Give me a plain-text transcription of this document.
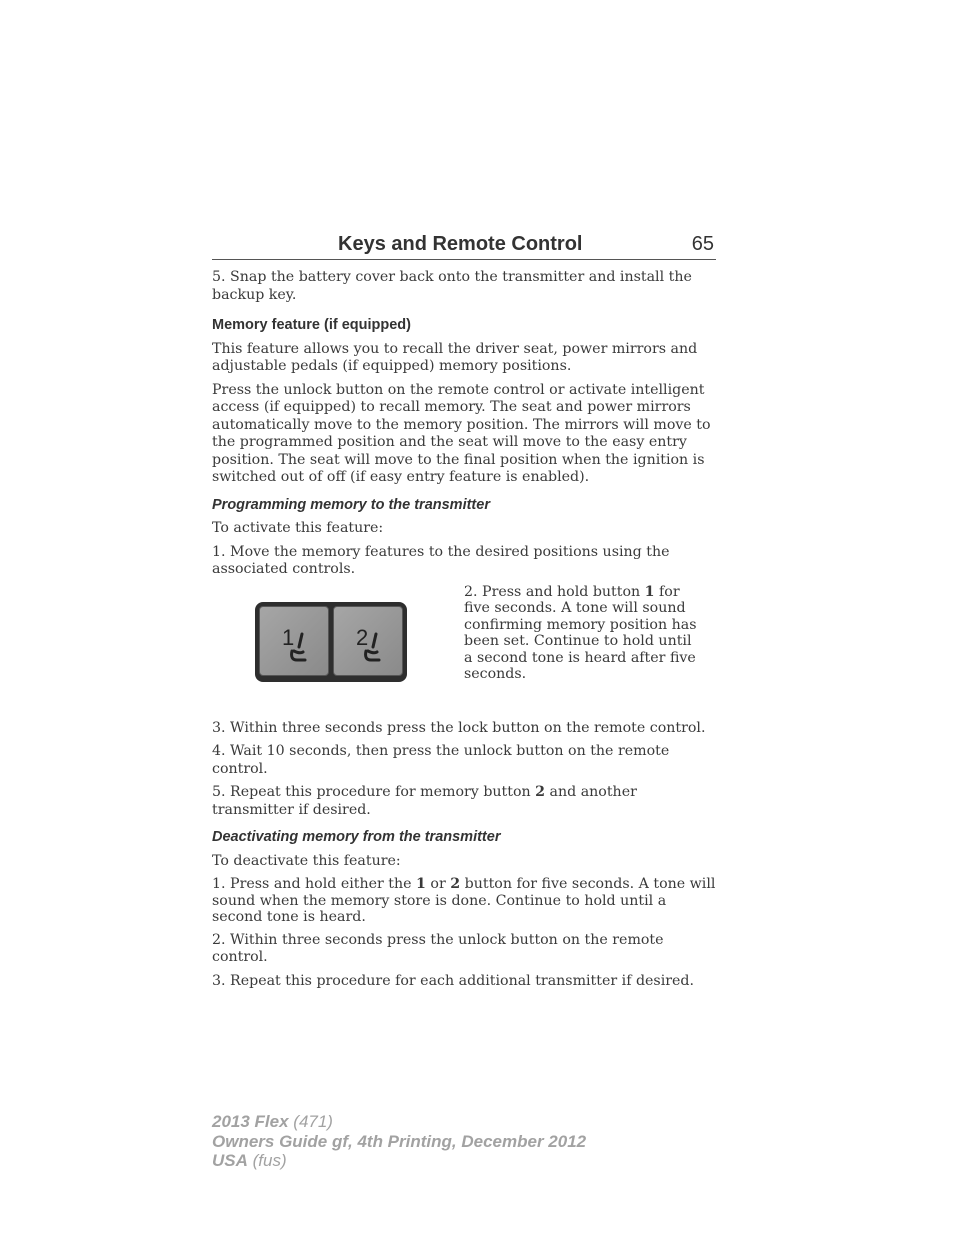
Keys and Remote Control	65

5. Snap the battery cover back onto the transmitter and install the backup key.

Memory feature (if equipped)

This feature allows you to recall the driver seat, power mirrors and adjustable pedals (if equipped) memory positions.

Press the unlock button on the remote control or activate intelligent access (if equipped) to recall memory. The seat and power mirrors automatically move to the memory position. The mirrors will move to the programmed position and the seat will move to the easy entry position. The seat will move to the final position when the ignition is switched out of off (if easy entry feature is enabled).

Programming memory to the transmitter

To activate this feature:

1. Move the memory features to the desired positions using the associated controls.

1	2
2. Press and hold button 1 for five seconds. A tone will sound confirming memory position has been set. Continue to hold until a second tone is heard after five seconds.

3. Within three seconds press the lock button on the remote control.

4. Wait 10 seconds, then press the unlock button on the remote control.

5. Repeat this procedure for memory button 2 and another transmitter if desired.

Deactivating memory from the transmitter

To deactivate this feature:

1. Press and hold either the 1 or 2 button for five seconds. A tone will sound when the memory store is done. Continue to hold until a second tone is heard.

2. Within three seconds press the unlock button on the remote control.

3. Repeat this procedure for each additional transmitter if desired.

2013 Flex (471)
Owners Guide gf, 4th Printing, December 2012
USA (fus)
